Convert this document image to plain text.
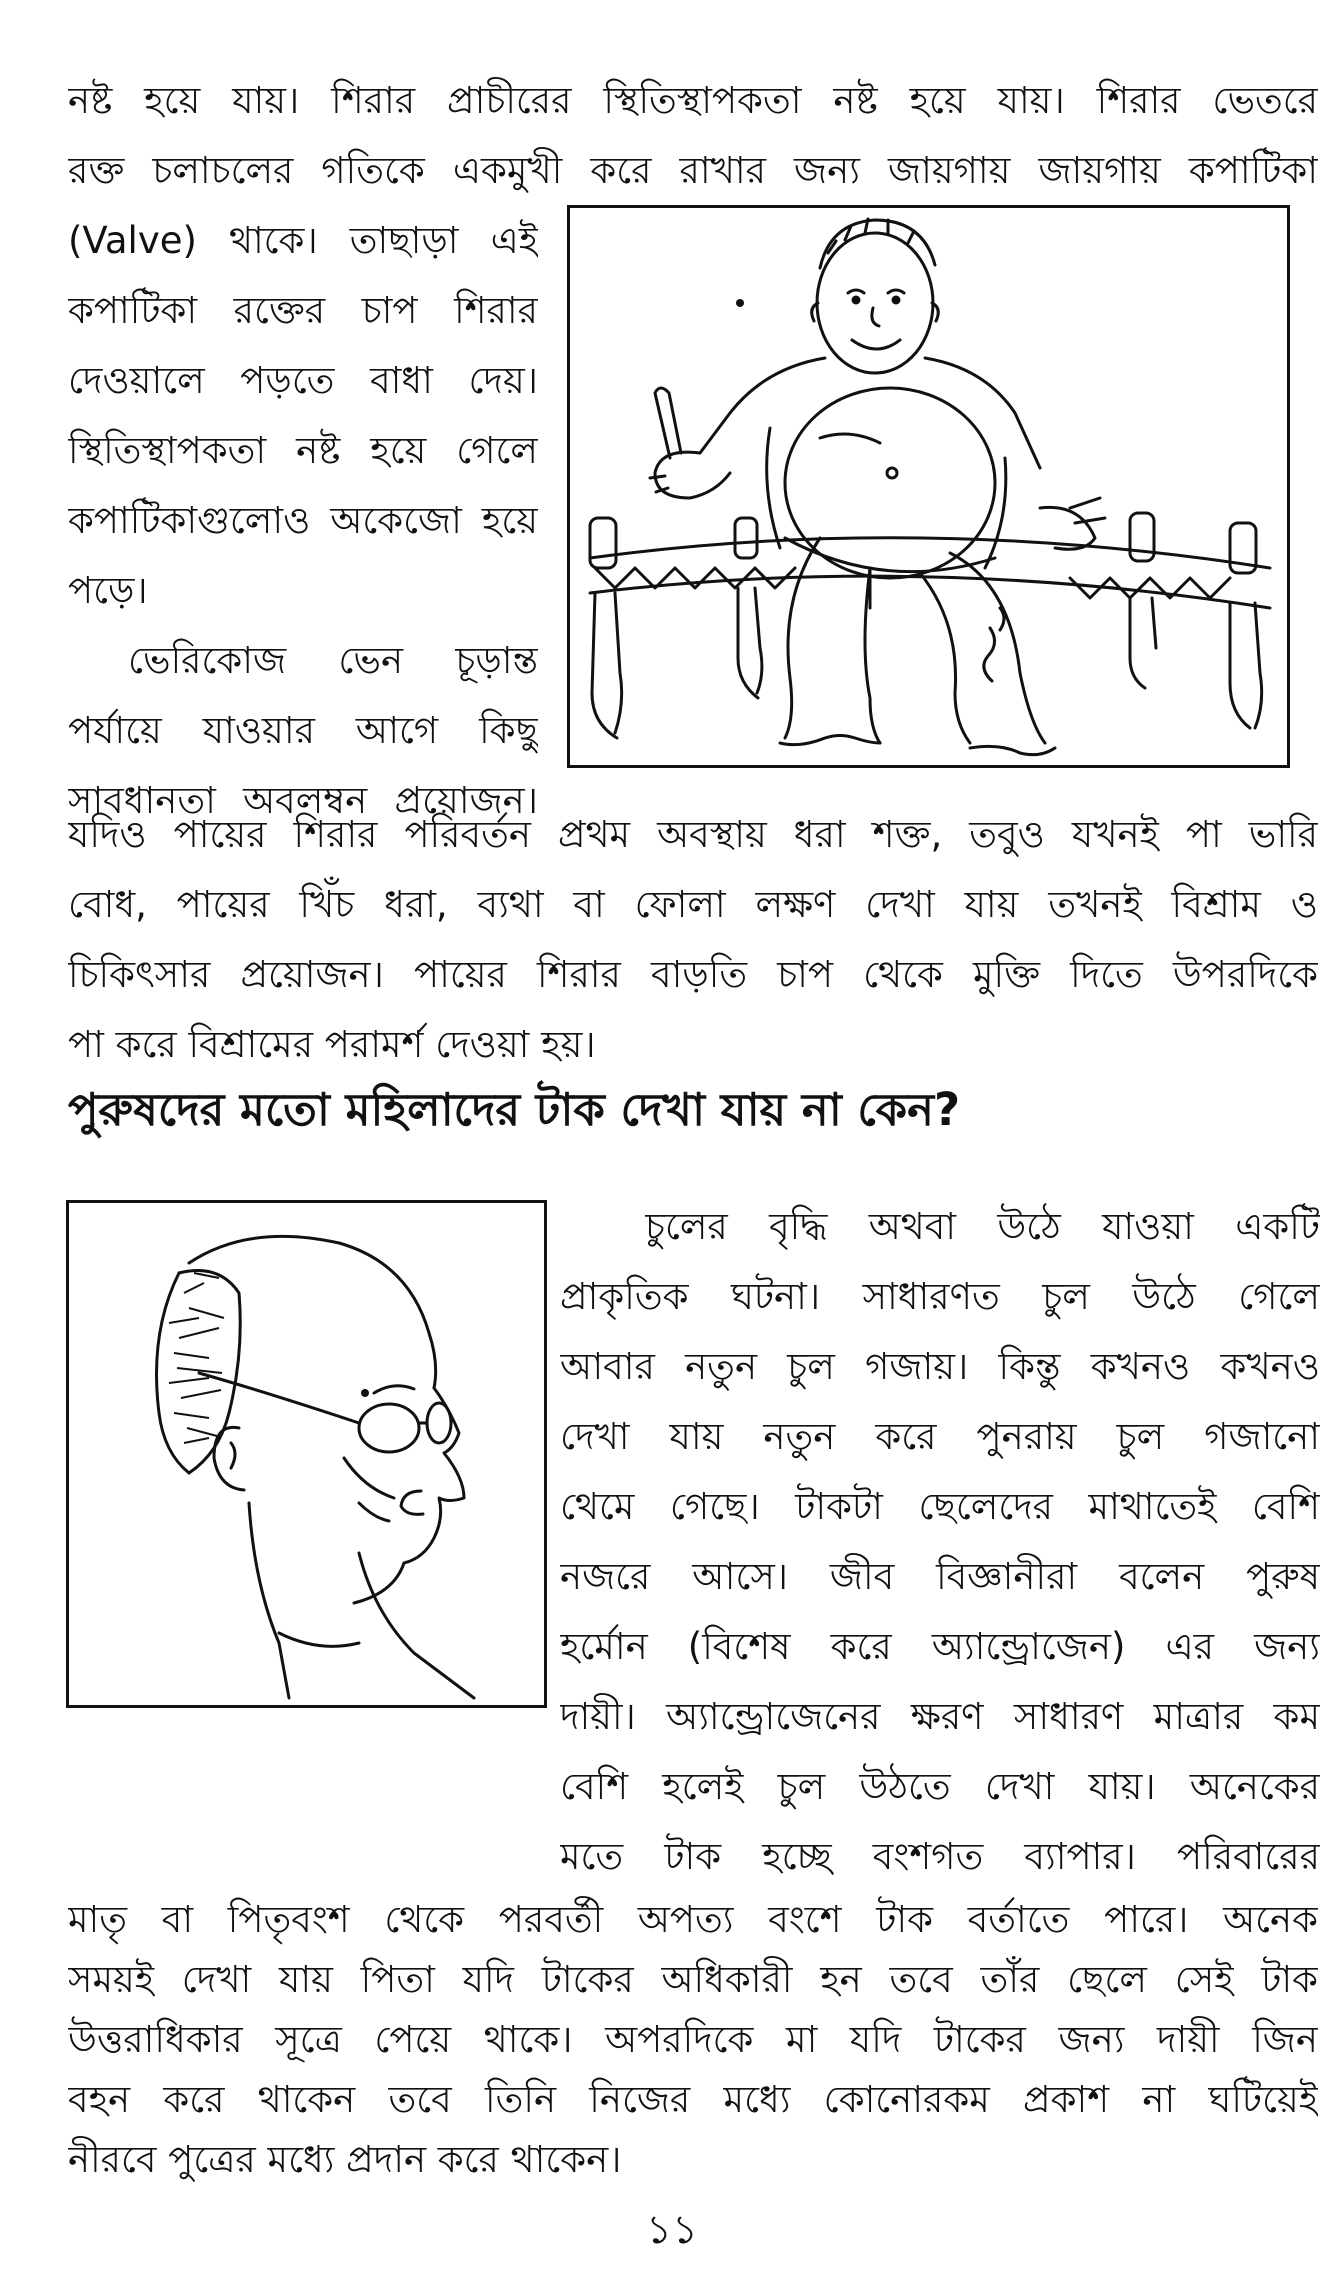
নষ্ট হয়ে যায়। শিরার প্রাচীরের স্থিতিস্থাপকতা নষ্ট হয়ে যায়। শিরার ভেতরে
রক্ত চলাচলের গতিকে একমুখী করে রাখার জন্য জায়গায় জায়গায় কপাটিকা
(Valve) থাকে। তাছাড়া এই
কপাটিকা রক্তের চাপ শিরার
দেওয়ালে পড়তে বাধা দেয়।
স্থিতিস্থাপকতা নষ্ট হয়ে গেলে
কপাটিকাগুলোও অকেজো হয়ে
পড়ে।
ভেরিকোজ ভেন চূড়ান্ত
পর্যায়ে যাওয়ার আগে কিছু
সাবধানতা অবলম্বন প্রয়োজন।
যদিও পায়ের শিরার পরিবর্তন প্রথম অবস্থায় ধরা শক্ত, তবুও যখনই পা ভারি
বোধ, পায়ের খিঁচ ধরা, ব্যথা বা ফোলা লক্ষণ দেখা যায় তখনই বিশ্রাম ও
চিকিৎসার প্রয়োজন। পায়ের শিরার বাড়তি চাপ থেকে মুক্তি দিতে উপরদিকে
পুরুষদের মতো মহিলাদের টাক দেখা যায় না কেন?
চুলের বৃদ্ধি অথবা উঠে যাওয়া একটি
প্রাকৃতিক ঘটনা। সাধারণত চুল উঠে গেলে
আবার নতুন চুল গজায়। কিন্তু কখনও কখনও
দেখা যায় নতুন করে পুনরায় চুল গজানো
থেমে গেছে। টাকটা ছেলেদের মাথাতেই বেশি
নজরে আসে। জীব বিজ্ঞানীরা বলেন পুরুষ
হর্মোন (বিশেষ করে অ্যান্ড্রোজেন) এর জন্য
দায়ী। অ্যান্ড্রোজেনের ক্ষরণ সাধারণ মাত্রার কম
বেশি হলেই চুল উঠতে দেখা যায়। অনেকের
মতে টাক হচ্ছে বংশগত ব্যাপার। পরিবারের
মাতৃ বা পিতৃবংশ থেকে পরবর্তী অপত্য বংশে টাক বর্তাতে পারে। অনেক
সময়ই দেখা যায় পিতা যদি টাকের অধিকারী হন তবে তাঁর ছেলে সেই টাক
উত্তরাধিকার সূত্রে পেয়ে থাকে। অপরদিকে মা যদি টাকের জন্য দায়ী জিন
বহন করে থাকেন তবে তিনি নিজের মধ্যে কোনোরকম প্রকাশ না ঘটিয়েই
১১
নীরবে পুত্রের মধ্যে প্রদান করে থাকেন।
পা করে বিশ্রামের পরামর্শ দেওয়া হয়।
